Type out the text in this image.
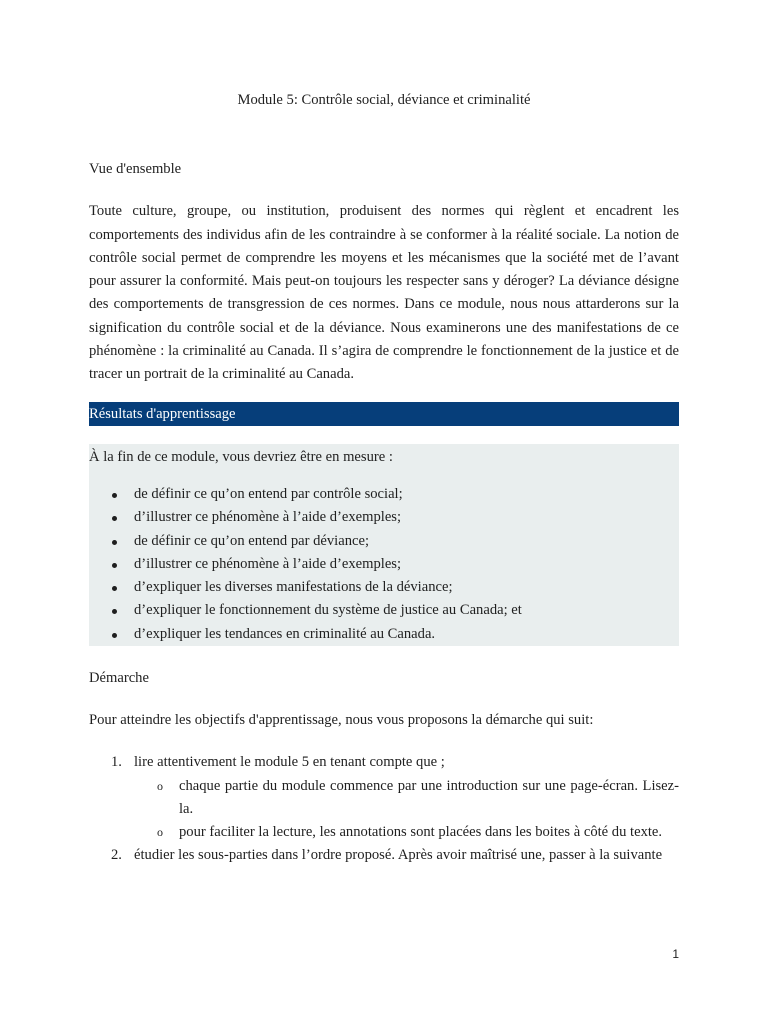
Module 5: Contrôle social, déviance et criminalité

Vue d'ensemble

Toute culture, groupe, ou institution, produisent des normes qui règlent et encadrent les comportements des individus afin de les contraindre à se conformer à la réalité sociale. La notion de contrôle social permet de comprendre les moyens et les mécanismes que la société met de l’avant pour assurer la conformité. Mais peut-on toujours les respecter sans y déroger? La déviance désigne des comportements de transgression de ces normes. Dans ce module, nous nous attarderons sur la signification du contrôle social et de la déviance. Nous examinerons une des manifestations de ce phénomène : la criminalité au Canada. Il s’agira de comprendre le fonctionnement de la justice et de tracer un portrait de la criminalité au Canada.

Résultats d'apprentissage

À la fin de ce module, vous devriez être en mesure :

de définir ce qu’on entend par contrôle social;
d’illustrer ce phénomène à l’aide d’exemples;
de définir ce qu’on entend par déviance;
d’illustrer ce phénomène à l’aide d’exemples;
d’expliquer les diverses manifestations de la déviance;
d’expliquer le fonctionnement du système de justice au Canada; et
d’expliquer les tendances en criminalité au Canada.

Démarche

Pour atteindre les objectifs d'apprentissage, nous vous proposons la démarche qui suit:

1. lire attentivement le module 5 en tenant compte que ;
o chaque partie du module commence par une introduction sur une page-écran. Lisez-la.
o pour faciliter la lecture, les annotations sont placées dans les boites à côté du texte.
2. étudier les sous-parties dans l’ordre proposé. Après avoir maîtrisé une, passer à la suivante
1
